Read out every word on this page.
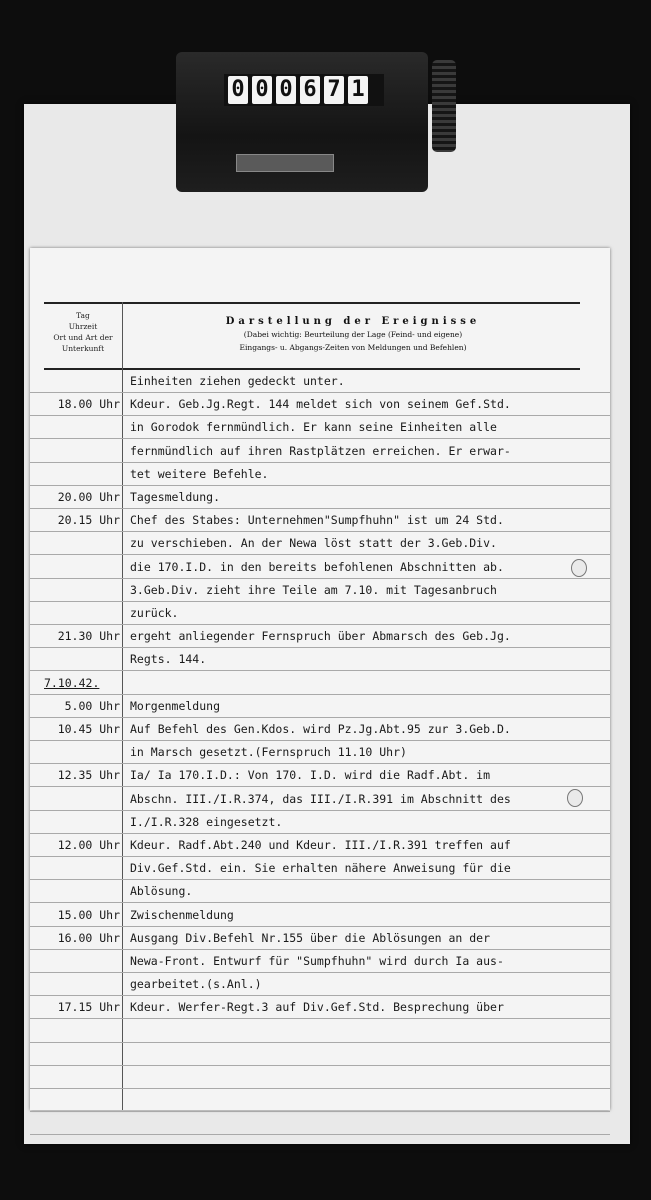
0 0 0 6 7 1
Tag
Uhrzeit
Ort und Art der Unterkunft
Darstellung der Ereignisse
(Dabei wichtig: Beurteilung der Lage (Feind- und eigene)
Eingangs- u. Abgangs-Zeiten von Meldungen und Befehlen)
Einheiten ziehen gedeckt unter.
18.00 Uhr Kdeur. Geb.Jg.Regt. 144 meldet sich von seinem Gef.Std.
in Gorodok fernmündlich. Er kann seine Einheiten alle
fernmündlich auf ihren Rastplätzen erreichen. Er erwar-
tet weitere Befehle.
20.00 Uhr Tagesmeldung.
20.15 Uhr Chef des Stabes: Unternehmen"Sumpfhuhn" ist um 24 Std.
zu verschieben. An der Newa löst statt der 3.Geb.Div.
die 170.I.D. in den bereits befohlenen Abschnitten ab.
3.Geb.Div. zieht ihre Teile am 7.10. mit Tagesanbruch
zurück.
21.30 Uhr ergeht anliegender Fernspruch über Abmarsch des Geb.Jg.
Regts. 144.
7.10.42.
5.00 Uhr Morgenmeldung
10.45 Uhr Auf Befehl des Gen.Kdos. wird Pz.Jg.Abt.95 zur 3.Geb.D.
in Marsch gesetzt.(Fernspruch 11.10 Uhr)
12.35 Uhr Ia/ Ia 170.I.D.: Von 170. I.D. wird die Radf.Abt. im
Abschn. III./I.R.374, das III./I.R.391 im Abschnitt des
I./I.R.328 eingesetzt.
12.00 Uhr Kdeur. Radf.Abt.240 und Kdeur. III./I.R.391 treffen auf
Div.Gef.Std. ein. Sie erhalten nähere Anweisung für die
Ablösung.
15.00 Uhr Zwischenmeldung
16.00 Uhr Ausgang Div.Befehl Nr.155 über die Ablösungen an der
Newa-Front. Entwurf für "Sumpfhuhn" wird durch Ia aus-
gearbeitet.(s.Anl.)
17.15 Uhr Kdeur. Werfer-Regt.3 auf Div.Gef.Std. Besprechung über
